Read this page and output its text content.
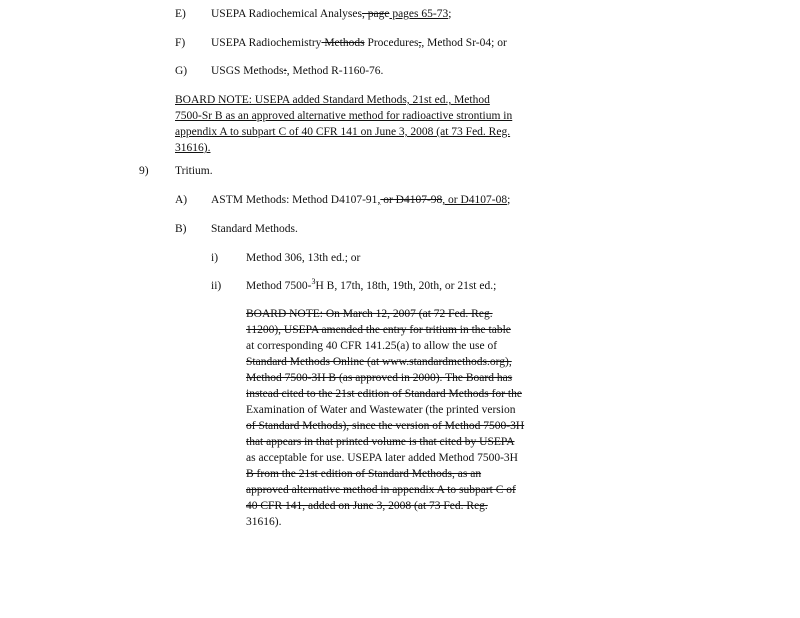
E) USEPA Radiochemical Analyses, page pages 65-73;
F) USEPA Radiochemistry Methods Procedures,, Method Sr-04; or
G) USGS Methods:, Method R-1160-76.
BOARD NOTE: USEPA added Standard Methods, 21st ed., Method
7500-Sr B as an approved alternative method for radioactive strontium in
appendix A to subpart C of 40 CFR 141 on June 3, 2008 (at 73 Fed. Reg.
31616).
9) Tritium.
A) ASTM Methods: Method D4107-91, or D4107-98, or D4107-08;
B) Standard Methods.
i) Method 306, 13th ed.; or
ii) Method 7500-$^3$H B, 17th, 18th, 19th, 20th, or 21st ed.;
BOARD NOTE: On March 12, 2007 (at 72 Fed. Reg.
11200), USEPA amended the entry for tritium in the table
at corresponding 40 CFR 141.25(a) to allow the use of
Standard Methods Online (at www.standardmethods.org),
Method 7500-3H B (as approved in 2000). The Board has
instead cited to the 21st edition of Standard Methods for the
Examination of Water and Wastewater (the printed version
of Standard Methods), since the version of Method 7500-3H
that appears in that printed volume is that cited by USEPA
as acceptable for use. USEPA later added Method 7500-3H
B from the 21st edition of Standard Methods, as an
approved alternative method in appendix A to subpart C of
40 CFR 141, added on June 3, 2008 (at 73 Fed. Reg.
31616).
